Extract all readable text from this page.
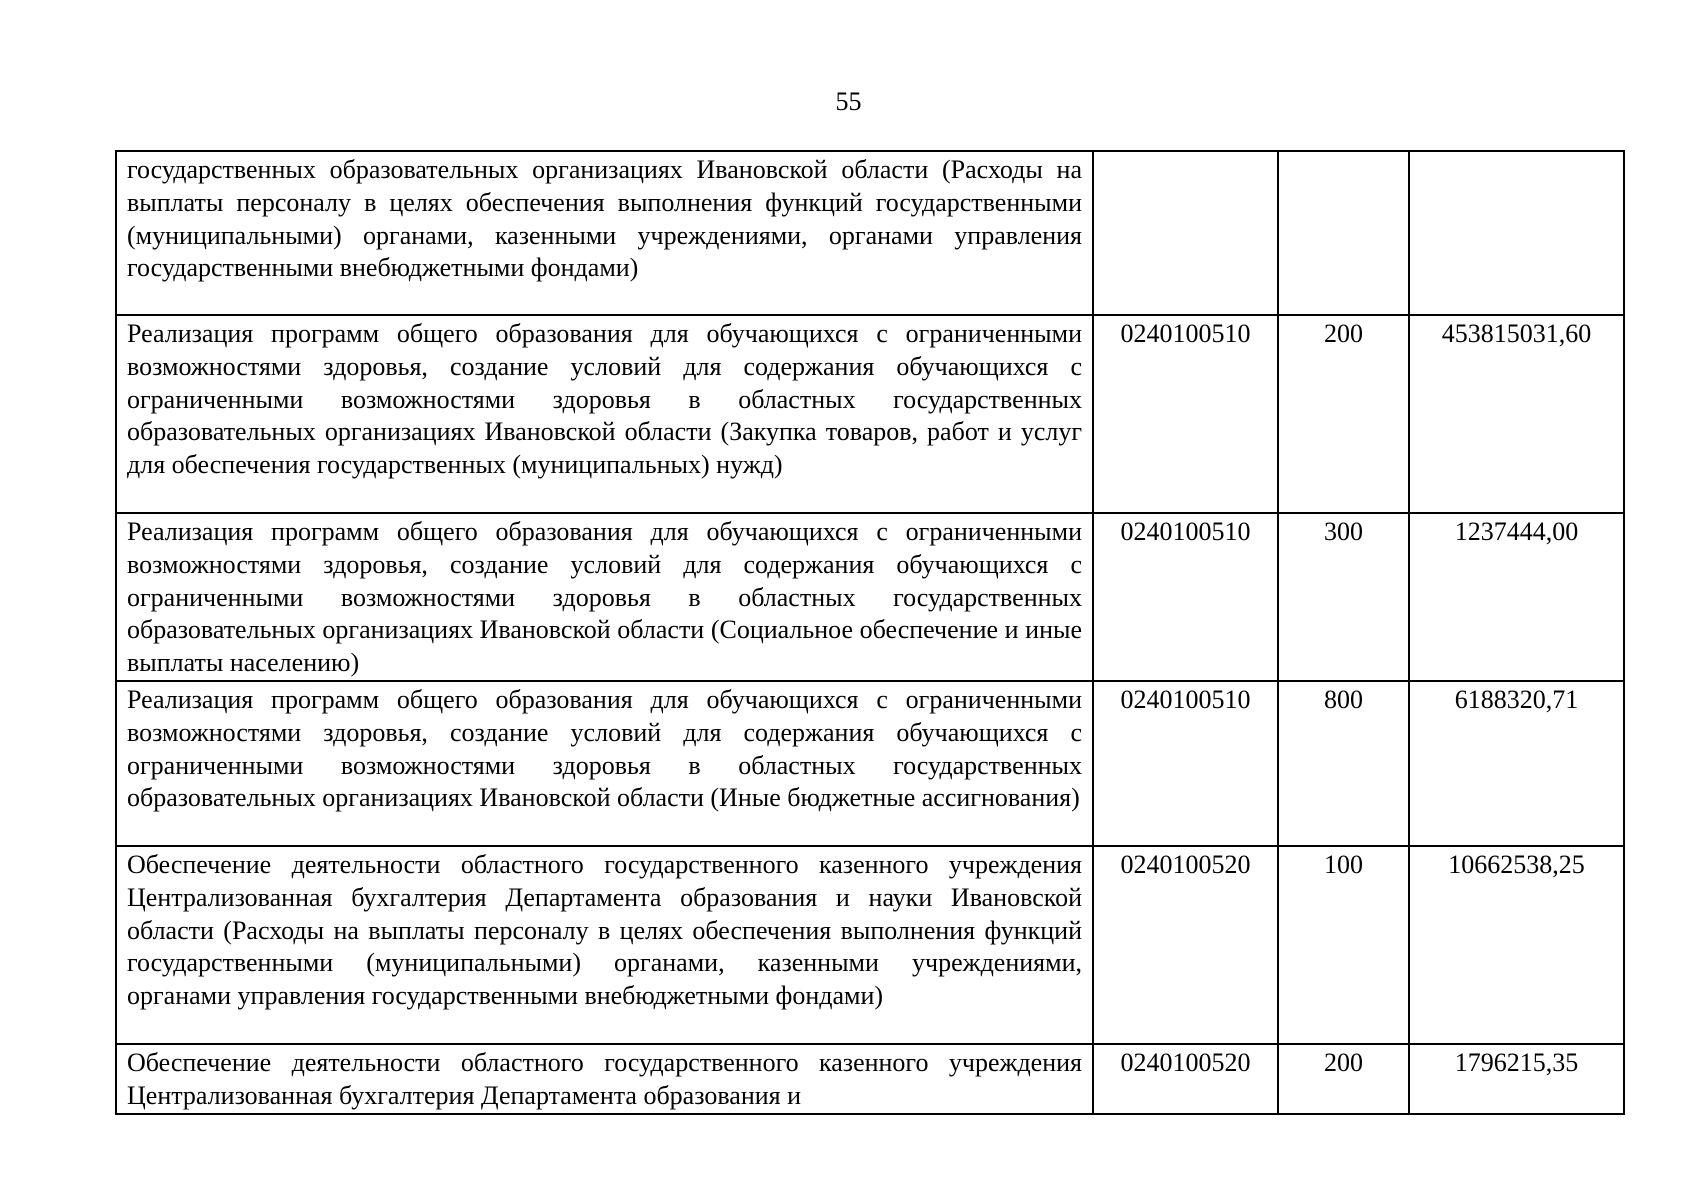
55
государственных образовательных организациях Ивановской области (Расходы на выплаты персоналу в целях обеспечения выполнения функций государственными (муниципальными) органами, казенными учреждениями, органами управления государственными внебюджетными фондами)			
Реализация программ общего образования для обучающихся с ограниченными возможностями здоровья, создание условий для содержания обучающихся с ограниченными возможностями здоровья в областных государственных образовательных организациях Ивановской области (Закупка товаров, работ и услуг для обеспечения государственных (муниципальных) нужд)	0240100510	200	453815031,60
Реализация программ общего образования для обучающихся с ограниченными возможностями здоровья, создание условий для содержания обучающихся с ограниченными возможностями здоровья в областных государственных образовательных организациях Ивановской области (Социальное обеспечение и иные выплаты населению)	0240100510	300	1237444,00
Реализация программ общего образования для обучающихся с ограниченными возможностями здоровья, создание условий для содержания обучающихся с ограниченными возможностями здоровья в областных государственных образовательных организациях Ивановской области (Иные бюджетные ассигнования)	0240100510	800	6188320,71
Обеспечение деятельности областного государственного казенного учреждения Централизованная бухгалтерия Департамента образования и науки Ивановской области (Расходы на выплаты персоналу в целях обеспечения выполнения функций государственными (муниципальными) органами, казенными учреждениями, органами управления государственными внебюджетными фондами)	0240100520	100	10662538,25
Обеспечение деятельности областного государственного казенного учреждения Централизованная бухгалтерия Департамента образования и	0240100520	200	1796215,35
